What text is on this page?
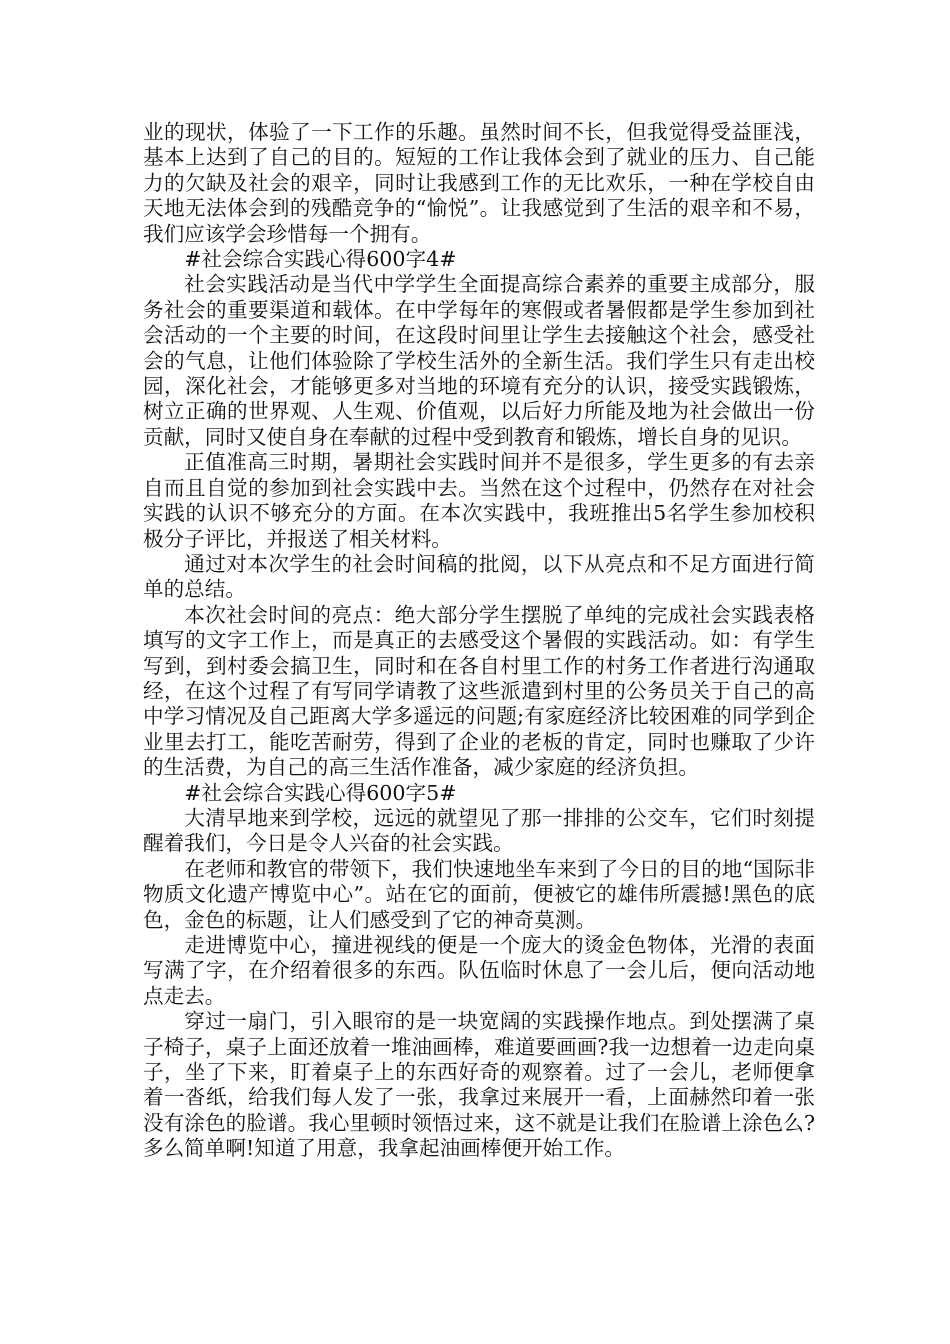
业的现状，体验了一下工作的乐趣。虽然时间不长，但我觉得受益匪浅，基本上达到了自己的目的。短短的工作让我体会到了就业的压力、自己能力的欠缺及社会的艰辛，同时让我感到工作的无比欢乐，一种在学校自由天地无法体会到的残酷竞争的“愉悦”。让我感觉到了生活的艰辛和不易，我们应该学会珍惜每一个拥有。

#社会综合实践心得600字4#

社会实践活动是当代中学学生全面提高综合素养的重要主成部分，服务社会的重要渠道和载体。在中学每年的寒假或者暑假都是学生参加到社会活动的一个主要的时间，在这段时间里让学生去接触这个社会，感受社会的气息，让他们体验除了学校生活外的全新生活。我们学生只有走出校园，深化社会，才能够更多对当地的环境有充分的认识，接受实践锻炼，树立正确的世界观、人生观、价值观，以后好力所能及地为社会做出一份贡献，同时又使自身在奉献的过程中受到教育和锻炼，增长自身的见识。

正值准高三时期，暑期社会实践时间并不是很多，学生更多的有去亲自而且自觉的参加到社会实践中去。当然在这个过程中，仍然存在对社会实践的认识不够充分的方面。在本次实践中，我班推出5名学生参加校积极分子评比，并报送了相关材料。

通过对本次学生的社会时间稿的批阅，以下从亮点和不足方面进行简单的总结。

本次社会时间的亮点：绝大部分学生摆脱了单纯的完成社会实践表格填写的文字工作上，而是真正的去感受这个暑假的实践活动。如：有学生写到，到村委会搞卫生，同时和在各自村里工作的村务工作者进行沟通取经，在这个过程了有写同学请教了这些派遣到村里的公务员关于自己的高中学习情况及自己距离大学多遥远的问题;有家庭经济比较困难的同学到企业里去打工，能吃苦耐劳，得到了企业的老板的肯定，同时也赚取了少许的生活费，为自己的高三生活作准备，减少家庭的经济负担。

#社会综合实践心得600字5#

大清早地来到学校，远远的就望见了那一排排的公交车，它们时刻提醒着我们，今日是令人兴奋的社会实践。

在老师和教官的带领下，我们快速地坐车来到了今日的目的地“国际非物质文化遗产博览中心”。站在它的面前，便被它的雄伟所震撼!黑色的底色，金色的标题，让人们感受到了它的神奇莫测。

走进博览中心，撞进视线的便是一个庞大的烫金色物体，光滑的表面写满了字，在介绍着很多的东西。队伍临时休息了一会儿后，便向活动地点走去。

穿过一扇门，引入眼帘的是一块宽阔的实践操作地点。到处摆满了桌子椅子，桌子上面还放着一堆油画棒，难道要画画?我一边想着一边走向桌子，坐了下来，盯着桌子上的东西好奇的观察着。过了一会儿，老师便拿着一沓纸，给我们每人发了一张，我拿过来展开一看，上面赫然印着一张没有涂色的脸谱。我心里顿时领悟过来，这不就是让我们在脸谱上涂色么?多么简单啊!知道了用意，我拿起油画棒便开始工作。
